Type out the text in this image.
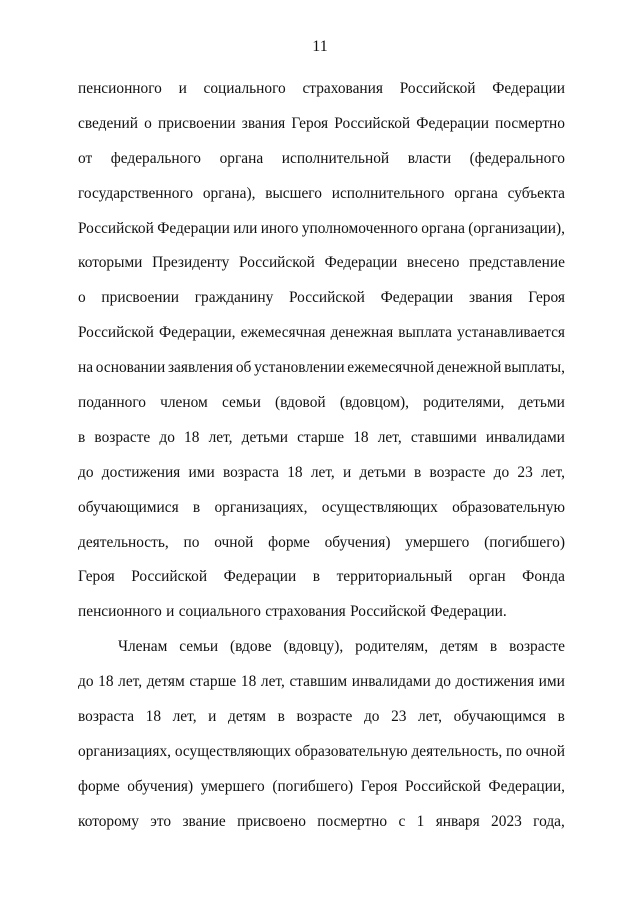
11
пенсионного и социального страхования Российской Федерации
сведений о присвоении звания Героя Российской Федерации посмертно
от федерального органа исполнительной власти (федерального
государственного органа), высшего исполнительного органа субъекта
Российской Федерации или иного уполномоченного органа (организации),
которыми Президенту Российской Федерации внесено представление
о присвоении гражданину Российской Федерации звания Героя
Российской Федерации, ежемесячная денежная выплата устанавливается
на основании заявления об установлении ежемесячной денежной выплаты,
поданного членом семьи (вдовой (вдовцом), родителями, детьми
в возрасте до 18 лет, детьми старше 18 лет, ставшими инвалидами
до достижения ими возраста 18 лет, и детьми в возрасте до 23 лет,
обучающимися в организациях, осуществляющих образовательную
деятельность, по очной форме обучения) умершего (погибшего)
Героя Российской Федерации в территориальный орган Фонда
пенсионного и социального страхования Российской Федерации.
Членам семьи (вдове (вдовцу), родителям, детям в возрасте
до 18 лет, детям старше 18 лет, ставшим инвалидами до достижения ими
возраста 18 лет, и детям в возрасте до 23 лет, обучающимся в
организациях, осуществляющих образовательную деятельность, по очной
форме обучения) умершего (погибшего) Героя Российской Федерации,
которому это звание присвоено посмертно с 1 января 2023 года,
